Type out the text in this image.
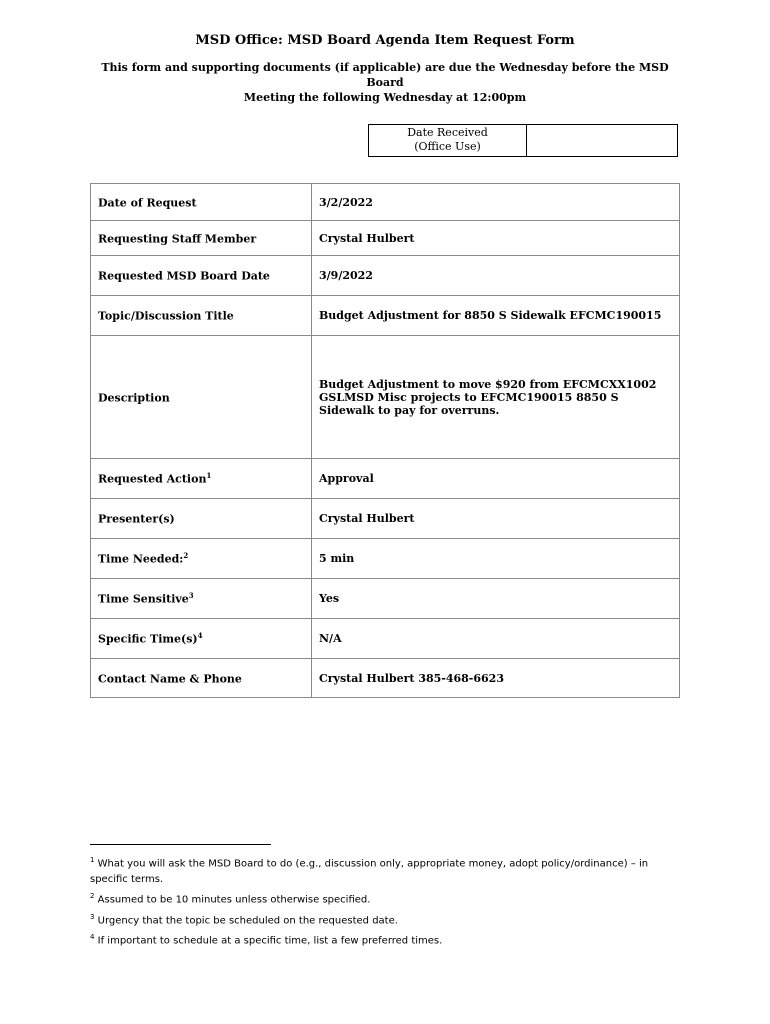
MSD Office: MSD Board Agenda Item Request Form
This form and supporting documents (if applicable) are due the Wednesday before the MSD Board
Meeting the following Wednesday at 12:00pm
Date Received
(Office Use)
Date of Request	3/2/2022
Requesting Staff Member	Crystal Hulbert
Requested MSD Board Date	3/9/2022
Topic/Discussion Title	Budget Adjustment for 8850 S Sidewalk EFCMC190015
Description	Budget Adjustment to move $920 from EFCMCXX1002 GSLMSD Misc projects to EFCMC190015 8850 S Sidewalk to pay for overruns.
Requested Action$^1$	Approval
Presenter(s)	Crystal Hulbert
Time Needed:$^2$	5 min
Time Sensitive$^3$	Yes
Specific $Time(s)^4$	N/A
Contact Name & Phone	Crystal Hulbert 385-468-6623

$^1$ What you will ask the MSD Board to do (e.g., discussion only, appropriate money, adopt policy/ordinance) – in specific terms.

$^2$ Assumed to be 10 minutes unless otherwise specified.

$^3$ Urgency that the topic be scheduled on the requested date.

$^4$ If important to schedule at a specific time, list a few preferred times.
